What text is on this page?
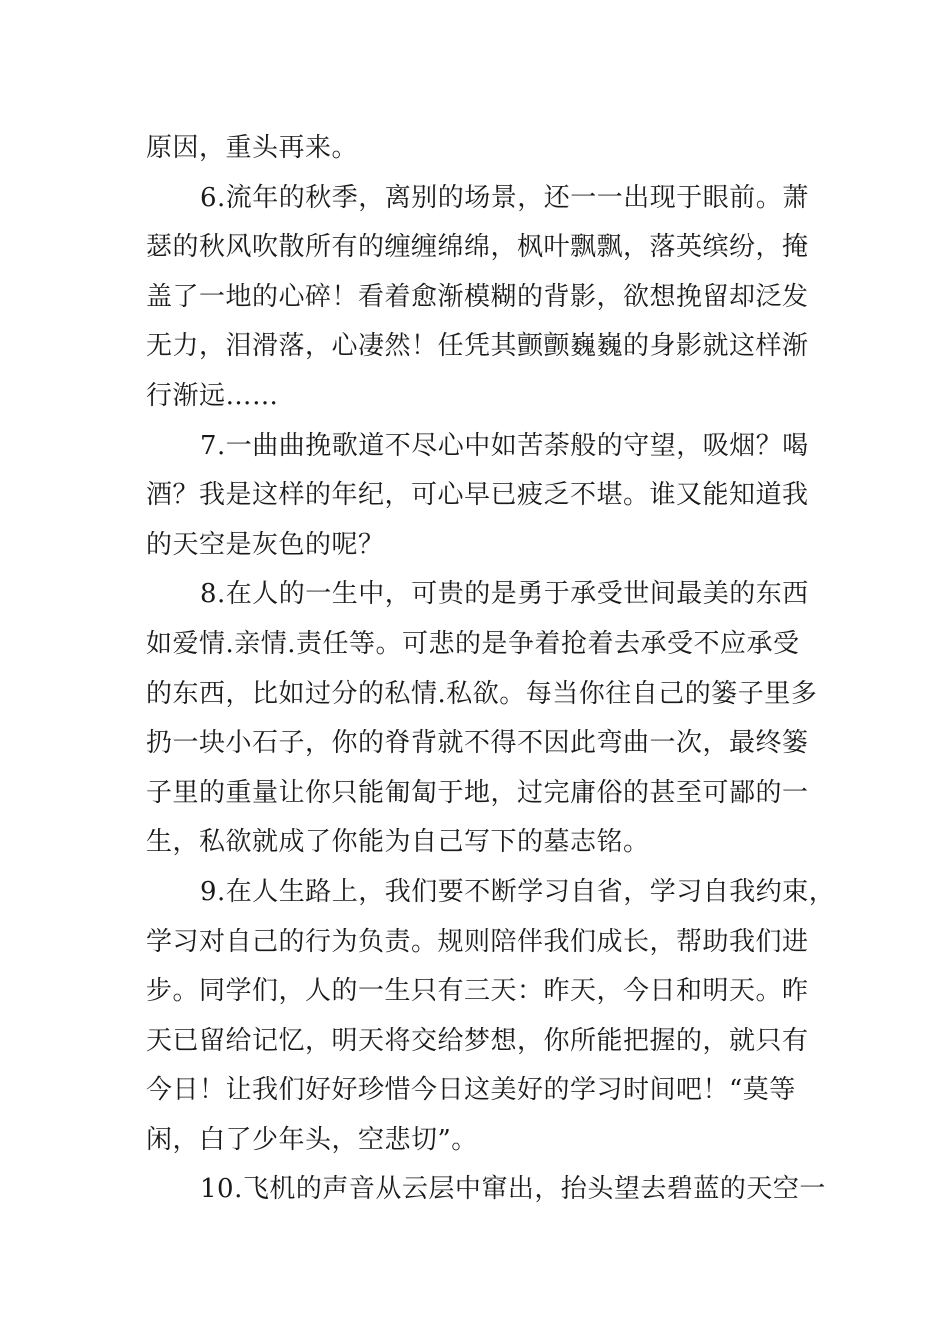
原因，重头再来。
6.流年的秋季，离别的场景，还一一出现于眼前。萧
瑟的秋风吹散所有的缠缠绵绵，枫叶飘飘，落英缤纷，掩
盖了一地的心碎！看着愈渐模糊的背影，欲想挽留却泛发
无力，泪滑落，心凄然！任凭其颤颤巍巍的身影就这样渐
行渐远……
7.一曲曲挽歌道不尽心中如苦荼般的守望，吸烟？喝
酒？我是这样的年纪，可心早已疲乏不堪。谁又能知道我
的天空是灰色的呢？
8.在人的一生中，可贵的是勇于承受世间最美的东西
如爱情.亲情.责任等。可悲的是争着抢着去承受不应承受
的东西，比如过分的私情.私欲。每当你往自己的篓子里多
扔一块小石子，你的脊背就不得不因此弯曲一次，最终篓
子里的重量让你只能匍匐于地，过完庸俗的甚至可鄙的一
生，私欲就成了你能为自己写下的墓志铭。
9.在人生路上，我们要不断学习自省，学习自我约束，
学习对自己的行为负责。规则陪伴我们成长，帮助我们进
步。同学们，人的一生只有三天：昨天，今日和明天。昨
天已留给记忆，明天将交给梦想，你所能把握的，就只有
今日！让我们好好珍惜今日这美好的学习时间吧！“莫等
闲，白了少年头，空悲切”。
10.飞机的声音从云层中窜出，抬头望去碧蓝的天空一
